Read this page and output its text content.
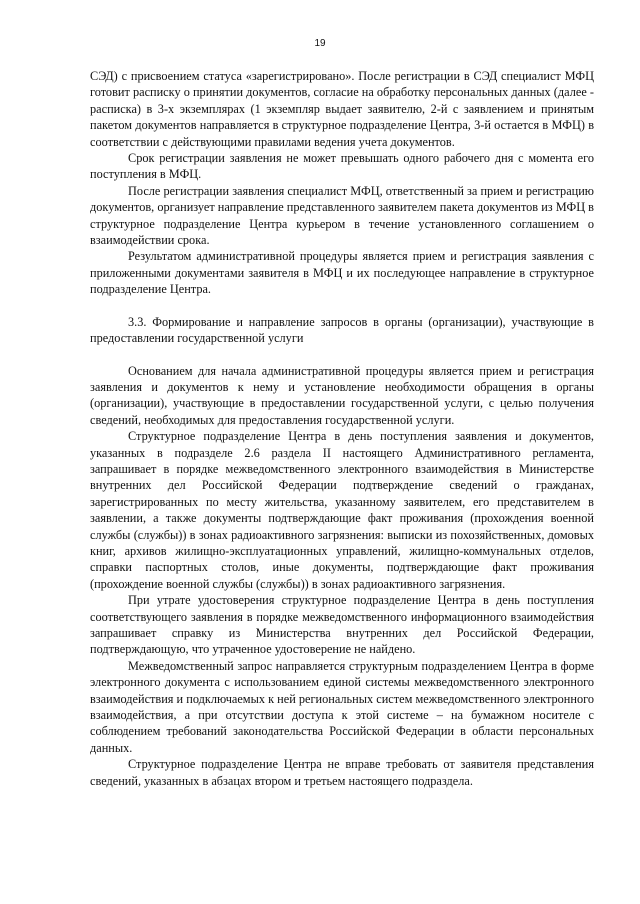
19

СЭД) с присвоением статуса «зарегистрировано». После регистрации в СЭД специалист МФЦ готовит расписку о принятии документов, согласие на обработку персональных данных (далее - расписка) в 3-х экземплярах (1 экземпляр выдает заявителю, 2-й с заявлением и принятым пакетом документов направляется в структурное подразделение Центра, 3-й остается в МФЦ) в соответствии с действующими правилами ведения учета документов.

Срок регистрации заявления не может превышать одного рабочего дня с момента его поступления в МФЦ.

После регистрации заявления специалист МФЦ, ответственный за прием и регистрацию документов, организует направление представленного заявителем пакета документов из МФЦ в структурное подразделение Центра курьером в течение установленного соглашением о взаимодействии срока.

Результатом административной процедуры является прием и регистрация заявления с приложенными документами заявителя в МФЦ и их последующее направление в структурное подразделение Центра.

3.3. Формирование и направление запросов в органы (организации), участвующие в предоставлении государственной услуги

Основанием для начала административной процедуры является прием и регистрация заявления и документов к нему и установление необходимости обращения в органы (организации), участвующие в предоставлении государственной услуги, с целью получения сведений, необходимых для предоставления государственной услуги.

Структурное подразделение Центра в день поступления заявления и документов, указанных в подразделе 2.6 раздела II настоящего Административного регламента, запрашивает в порядке межведомственного электронного взаимодействия в Министерстве внутренних дел Российской Федерации подтверждение сведений о гражданах, зарегистрированных по месту жительства, указанному заявителем, его представителем в заявлении, а также документы подтверждающие факт проживания (прохождения военной службы (службы)) в зонах радиоактивного загрязнения: выписки из похозяйственных, домовых книг, архивов жилищно-эксплуатационных управлений, жилищно-коммунальных отделов, справки паспортных столов, иные документы, подтверждающие факт проживания (прохождение военной службы (службы)) в зонах радиоактивного загрязнения.

При утрате удостоверения структурное подразделение Центра в день поступления соответствующего заявления в порядке межведомственного информационного взаимодействия запрашивает справку из Министерства внутренних дел Российской Федерации, подтверждающую, что утраченное удостоверение не найдено.

Межведомственный запрос направляется структурным подразделением Центра в форме электронного документа с использованием единой системы межведомственного электронного взаимодействия и подключаемых к ней региональных систем межведомственного электронного взаимодействия, а при отсутствии доступа к этой системе – на бумажном носителе с соблюдением требований законодательства Российской Федерации в области персональных данных.

Структурное подразделение Центра не вправе требовать от заявителя представления сведений, указанных в абзацах втором и третьем настоящего подраздела.
